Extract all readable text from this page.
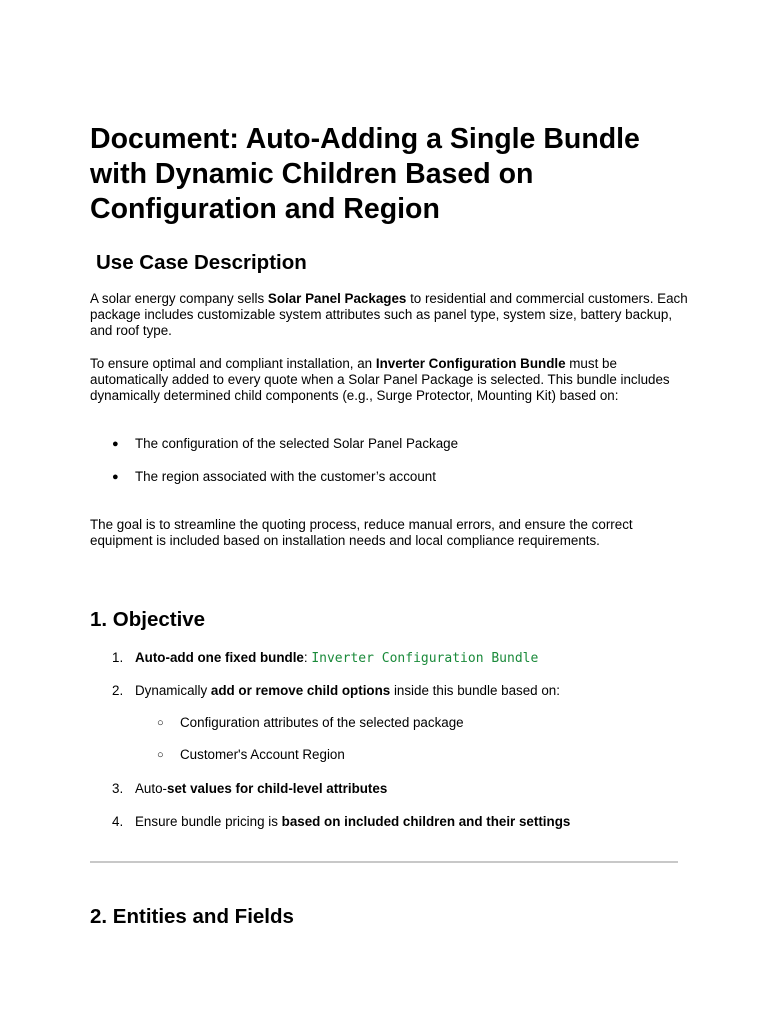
Document: Auto-Adding a Single Bundle with Dynamic Children Based on Configuration and Region
Use Case Description

A solar energy company sells Solar Panel Packages to residential and commercial customers. Each package includes customizable system attributes such as panel type, system size, battery backup, and roof type.

To ensure optimal and compliant installation, an Inverter Configuration Bundle must be automatically added to every quote when a Solar Panel Package is selected. This bundle includes dynamically determined child components (e.g., Surge Protector, Mounting Kit) based on:

● The configuration of the selected Solar Panel Package
● The region associated with the customer’s account

The goal is to streamline the quoting process, reduce manual errors, and ensure the correct equipment is included based on installation needs and local compliance requirements.

1. Objective
1. Auto-add one fixed bundle: Inverter Configuration Bundle
2. Dynamically add or remove child options inside this bundle based on:
○ Configuration attributes of the selected package
○ Customer's Account Region
3. Auto-set values for child-level attributes
4. Ensure bundle pricing is based on included children and their settings
2. Entities and Fields
